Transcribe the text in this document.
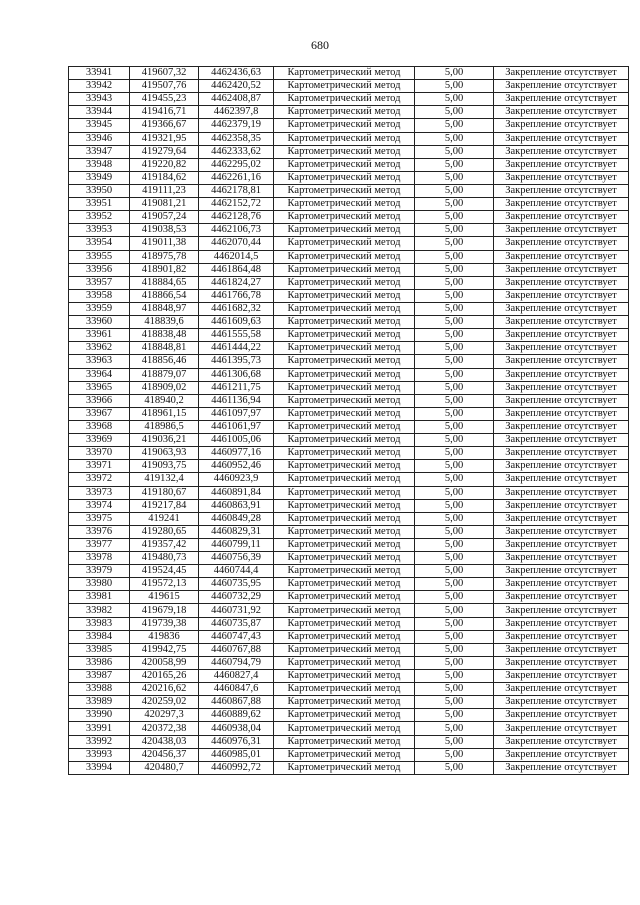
680
33941	419607,32	4462436,63	Картометрический метод	5,00	Закрепление отсутствует
33942	419507,76	4462420,52	Картометрический метод	5,00	Закрепление отсутствует
33943	419455,23	4462408,87	Картометрический метод	5,00	Закрепление отсутствует
33944	419416,71	4462397,8	Картометрический метод	5,00	Закрепление отсутствует
33945	419366,67	4462379,19	Картометрический метод	5,00	Закрепление отсутствует
33946	419321,95	4462358,35	Картометрический метод	5,00	Закрепление отсутствует
33947	419279,64	4462333,62	Картометрический метод	5,00	Закрепление отсутствует
33948	419220,82	4462295,02	Картометрический метод	5,00	Закрепление отсутствует
33949	419184,62	4462261,16	Картометрический метод	5,00	Закрепление отсутствует
33950	419111,23	4462178,81	Картометрический метод	5,00	Закрепление отсутствует
33951	419081,21	4462152,72	Картометрический метод	5,00	Закрепление отсутствует
33952	419057,24	4462128,76	Картометрический метод	5,00	Закрепление отсутствует
33953	419038,53	4462106,73	Картометрический метод	5,00	Закрепление отсутствует
33954	419011,38	4462070,44	Картометрический метод	5,00	Закрепление отсутствует
33955	418975,78	4462014,5	Картометрический метод	5,00	Закрепление отсутствует
33956	418901,82	4461864,48	Картометрический метод	5,00	Закрепление отсутствует
33957	418884,65	4461824,27	Картометрический метод	5,00	Закрепление отсутствует
33958	418866,54	4461766,78	Картометрический метод	5,00	Закрепление отсутствует
33959	418848,97	4461682,32	Картометрический метод	5,00	Закрепление отсутствует
33960	418839,6	4461609,63	Картометрический метод	5,00	Закрепление отсутствует
33961	418838,48	4461555,58	Картометрический метод	5,00	Закрепление отсутствует
33962	418848,81	4461444,22	Картометрический метод	5,00	Закрепление отсутствует
33963	418856,46	4461395,73	Картометрический метод	5,00	Закрепление отсутствует
33964	418879,07	4461306,68	Картометрический метод	5,00	Закрепление отсутствует
33965	418909,02	4461211,75	Картометрический метод	5,00	Закрепление отсутствует
33966	418940,2	4461136,94	Картометрический метод	5,00	Закрепление отсутствует
33967	418961,15	4461097,97	Картометрический метод	5,00	Закрепление отсутствует
33968	418986,5	4461061,97	Картометрический метод	5,00	Закрепление отсутствует
33969	419036,21	4461005,06	Картометрический метод	5,00	Закрепление отсутствует
33970	419063,93	4460977,16	Картометрический метод	5,00	Закрепление отсутствует
33971	419093,75	4460952,46	Картометрический метод	5,00	Закрепление отсутствует
33972	419132,4	4460923,9	Картометрический метод	5,00	Закрепление отсутствует
33973	419180,67	4460891,84	Картометрический метод	5,00	Закрепление отсутствует
33974	419217,84	4460863,91	Картометрический метод	5,00	Закрепление отсутствует
33975	419241	4460849,28	Картометрический метод	5,00	Закрепление отсутствует
33976	419280,65	4460829,31	Картометрический метод	5,00	Закрепление отсутствует
33977	419357,42	4460799,11	Картометрический метод	5,00	Закрепление отсутствует
33978	419480,73	4460756,39	Картометрический метод	5,00	Закрепление отсутствует
33979	419524,45	4460744,4	Картометрический метод	5,00	Закрепление отсутствует
33980	419572,13	4460735,95	Картометрический метод	5,00	Закрепление отсутствует
33981	419615	4460732,29	Картометрический метод	5,00	Закрепление отсутствует
33982	419679,18	4460731,92	Картометрический метод	5,00	Закрепление отсутствует
33983	419739,38	4460735,87	Картометрический метод	5,00	Закрепление отсутствует
33984	419836	4460747,43	Картометрический метод	5,00	Закрепление отсутствует
33985	419942,75	4460767,88	Картометрический метод	5,00	Закрепление отсутствует
33986	420058,99	4460794,79	Картометрический метод	5,00	Закрепление отсутствует
33987	420165,26	4460827,4	Картометрический метод	5,00	Закрепление отсутствует
33988	420216,62	4460847,6	Картометрический метод	5,00	Закрепление отсутствует
33989	420259,02	4460867,88	Картометрический метод	5,00	Закрепление отсутствует
33990	420297,3	4460889,62	Картометрический метод	5,00	Закрепление отсутствует
33991	420372,38	4460938,04	Картометрический метод	5,00	Закрепление отсутствует
33992	420438,03	4460976,31	Картометрический метод	5,00	Закрепление отсутствует
33993	420456,37	4460985,01	Картометрический метод	5,00	Закрепление отсутствует
33994	420480,7	4460992,72	Картометрический метод	5,00	Закрепление отсутствует
